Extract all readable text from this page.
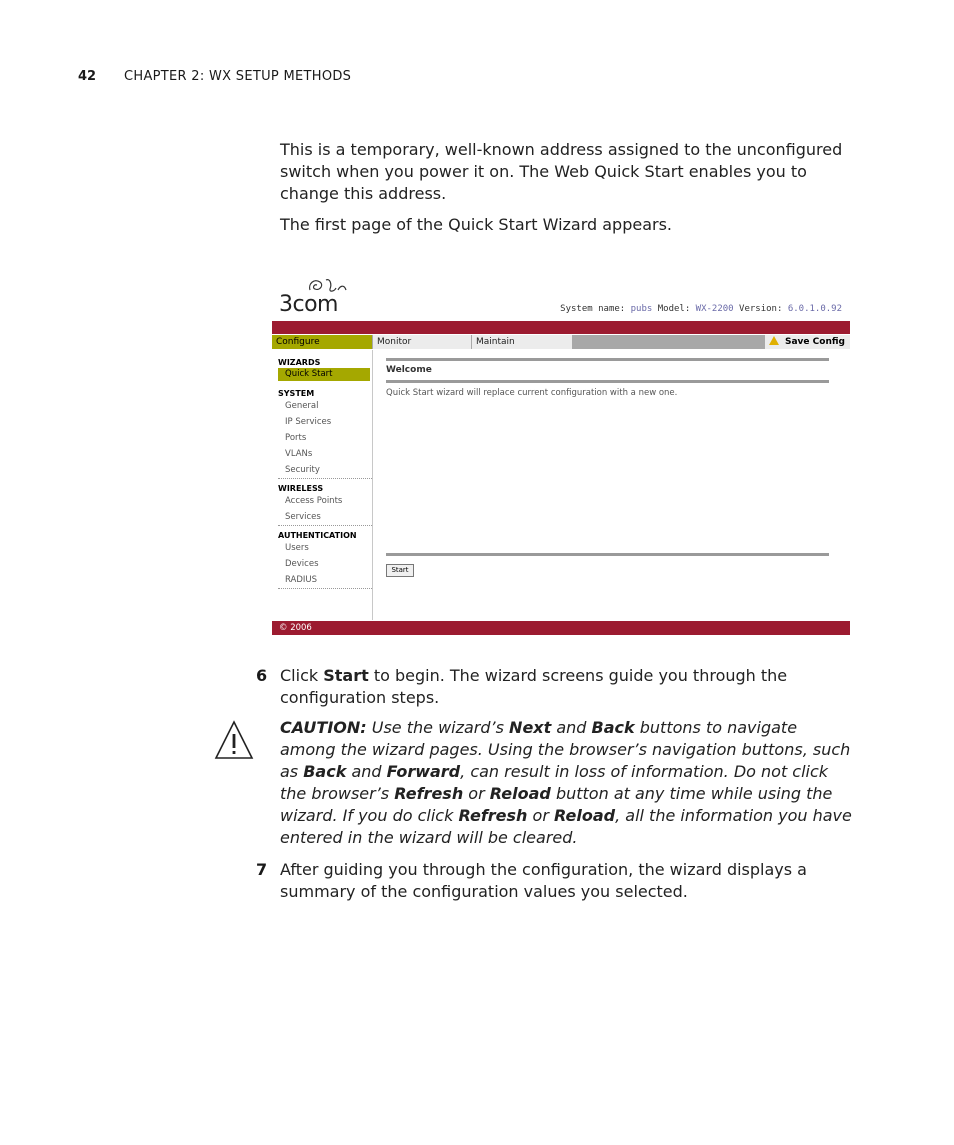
42 CHAPTER 2: WX SETUP METHODS
This is a temporary, well-known address assigned to the unconfigured switch when you power it on. The Web Quick Start enables you to change this address.
The first page of the Quick Start Wizard appears.
3com	System name: pubs Model: WX-2200 Version: 6.0.1.0.92
Configure	Monitor	Maintain	Save Config
WIZARDS
Quick Start
SYSTEM
General
IP Services
Ports
VLANs
Security
WIRELESS
Access Points
Services
AUTHENTICATION
Users
Devices
RADIUS
Welcome
Quick Start wizard will replace current configuration with a new one.
Start
© 2006
6 Click Start to begin. The wizard screens guide you through the configuration steps.
CAUTION: Use the wizard’s Next and Back buttons to navigate among the wizard pages. Using the browser’s navigation buttons, such as Back and Forward, can result in loss of information. Do not click the browser’s Refresh or Reload button at any time while using the wizard. If you do click Refresh or Reload, all the information you have entered in the wizard will be cleared.
7 After guiding you through the configuration, the wizard displays a summary of the configuration values you selected.
